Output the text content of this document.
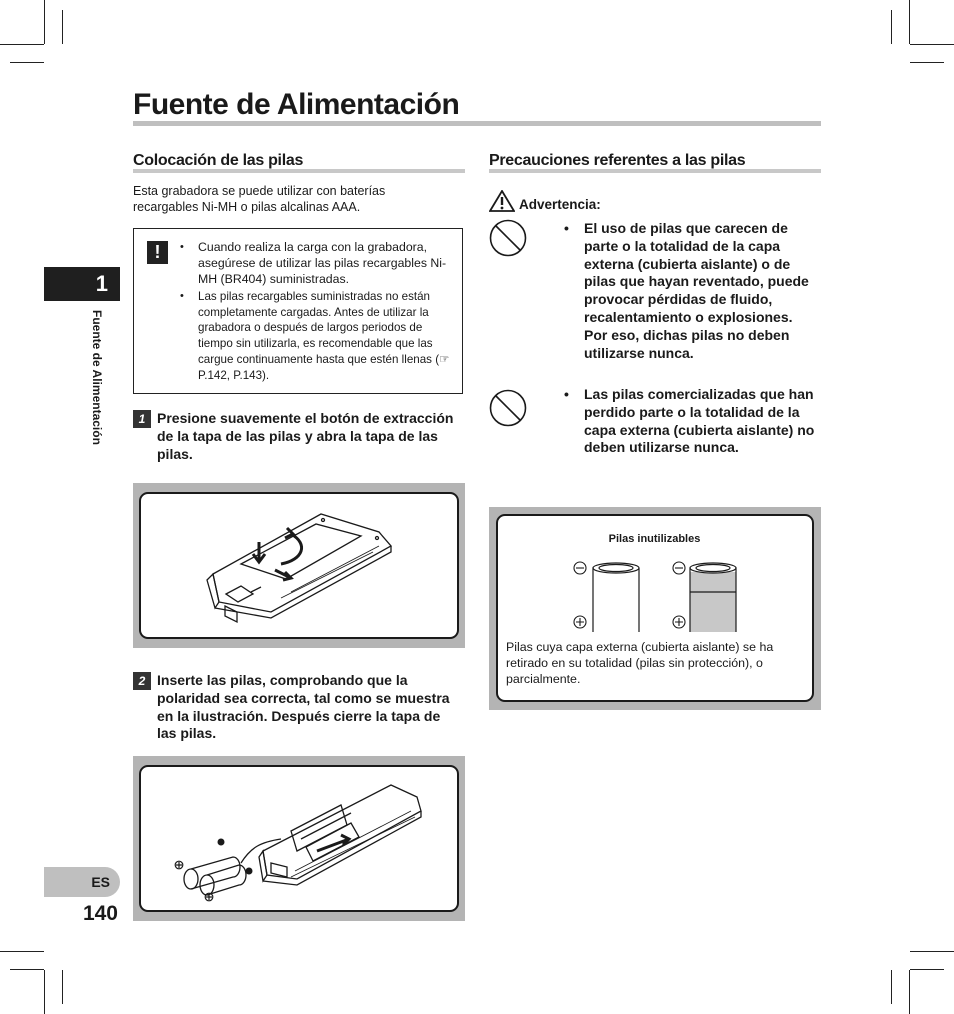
1
Fuente de Alimentación
ES
140
Fuente de Alimentación
Colocación de las pilas
Esta grabadora se puede utilizar con baterías recargables Ni-MH o pilas alcalinas AAA.
!
•	Cuando realiza la carga con la grabadora, asegúrese de utilizar las pilas recargables Ni-MH (BR404) suministradas.
• Las pilas recargables suministradas no están completamente cargadas. Antes de utilizar la grabadora o después de largos periodos de tiempo sin utilizarla, es recomendable que las cargue continuamente hasta que estén llenas (☞ P.142, P.143).
1 Presione suavemente el botón de extracción de la tapa de las pilas y abra la tapa de las pilas.
2 Inserte las pilas, comprobando que la polaridad sea correcta, tal como se muestra en la ilustración. Después cierre la tapa de las pilas.
Precauciones referentes a las pilas
Advertencia:
• El uso de pilas que carecen de parte o la totalidad de la capa externa (cubierta aislante) o de pilas que hayan reventado, puede provocar pérdidas de fluido, recalentamiento o explosiones. Por eso, dichas pilas no deben utilizarse nunca.
• Las pilas comercializadas que han perdido parte o la totalidad de la capa externa (cubierta aislante) no deben utilizarse nunca.
Pilas inutilizables
Pilas cuya capa externa (cubierta aislante) se ha retirado en su totalidad (pilas sin protección), o parcialmente.
